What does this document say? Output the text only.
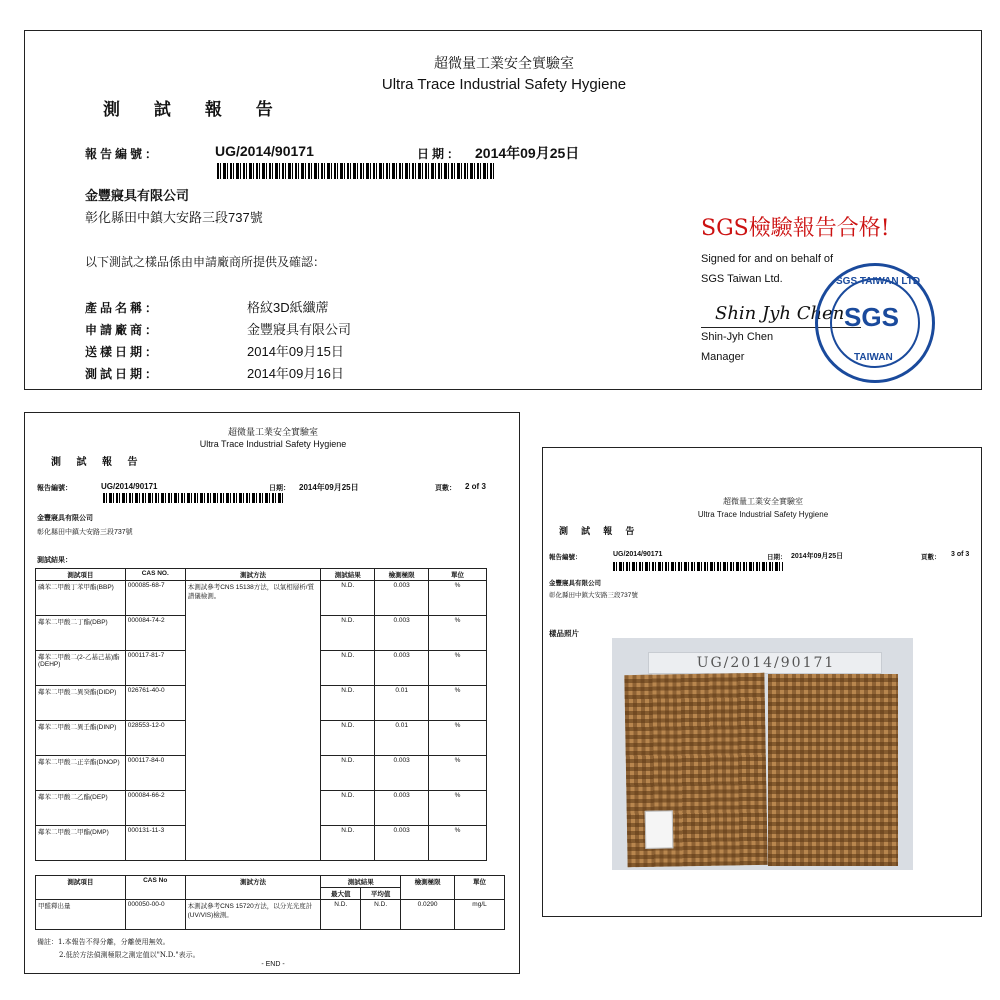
超微量工業安全實驗室
Ultra Trace Industrial Safety Hygiene
測 試 報 告
報告編號：	UG/2014/90171	日期： 2014年09月25日
金豐寢具有限公司
彰化縣田中鎮大安路三段737號
以下測試之樣品係由申請廠商所提供及確認：
產品名稱：	格紋3D紙纖蓆
申請廠商：	金豐寢具有限公司
送樣日期：	2014年09月15日
測試日期：	2014年09月16日
SGS檢驗報告合格!
Signed for and on behalf of
SGS Taiwan Ltd.
Shin Jyh Chen
Shin-Jyh Chen
Manager
SGS TAIWAN LTD
SGS
TAIWAN
超微量工業安全實驗室
Ultra Trace Industrial Safety Hygiene
測 試 報 告
報告編號：	UG/2014/90171	日期： 2014年09月25日	頁數： 2 of 3
金豐寢具有限公司
彰化縣田中鎮大安路三段737號
測試結果：
測試項目	CAS NO.	測試方法	測試結果	檢測極限	單位
磷苯二甲酸丁苯甲酯(BBP)	000085-68-7	本測試參考CNS 15138方法，以氣相層析/質譜儀檢測。	N.D.	0.003	%
鄰苯二甲酸二丁酯(DBP)	000084-74-2		N.D.	0.003	%
鄰苯二甲酸二(2-乙基己基)酯(DEHP)	000117-81-7		N.D.	0.003	%
鄰苯二甲酸二異癸酯(DIDP)	026761-40-0		N.D.	0.01	%
鄰苯二甲酸二異壬酯(DINP)	028553-12-0		N.D.	0.01	%
鄰苯二甲酸二正辛酯(DNOP)	000117-84-0		N.D.	0.003	%
鄰苯二甲酸二乙酯(DEP)	000084-66-2		N.D.	0.003	%
鄰苯二甲酸二甲酯(DMP)	000131-11-3		N.D.	0.003	%
測試項目	CAS No	測試方法	測試結果		檢測極限	單位
			最大值	平均值		
甲醛釋出量	000050-00-0	本測試參考CNS 15720方法，以分光光度計(UV/VIS)檢測。	N.D.	N.D.	0.0290	mg/L
備註：1.本報告不得分離，分離使用無效。
2.低於方法偵測極限之測定值以"N.D."表示。
- END -
超微量工業安全實驗室
Ultra Trace Industrial Safety Hygiene
測 試 報 告
報告編號：	UG/2014/90171	日期： 2014年09月25日	頁數： 3 of 3
金豐寢具有限公司
彰化縣田中鎮大安路三段737號
樣品照片
UG/2014/90171
